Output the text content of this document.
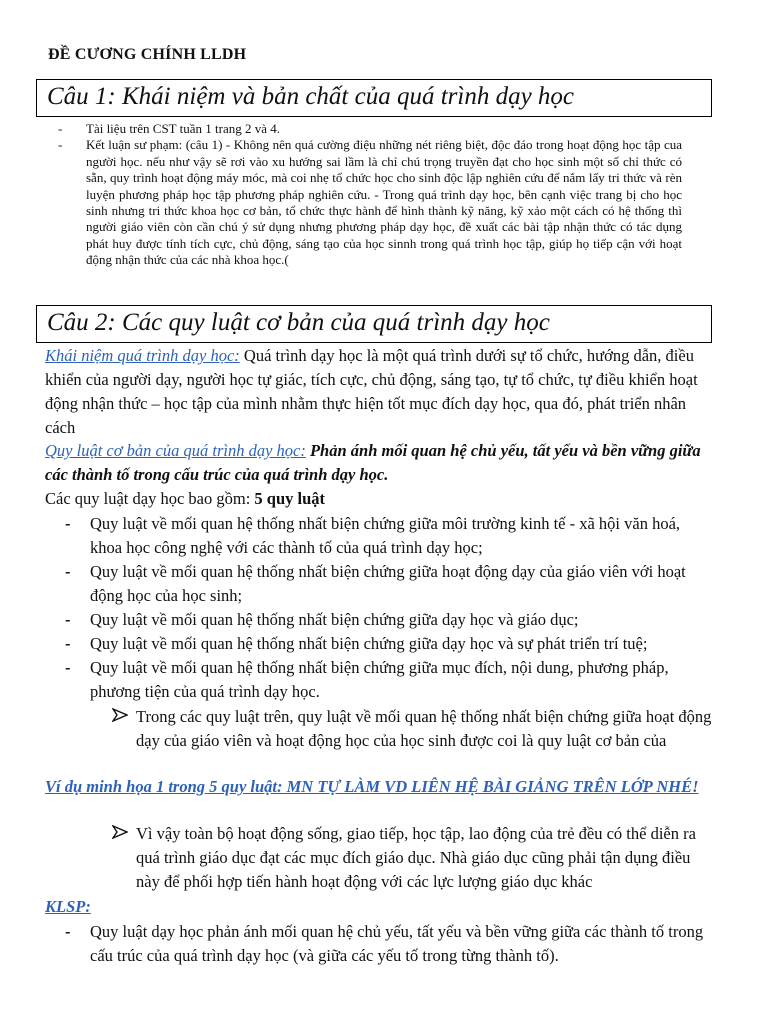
ĐỀ CƯƠNG CHÍNH LLDH
Câu 1: Khái niệm và bản chất của quá trình dạy học
- Tài liệu trên CST tuần 1 trang 2 và 4.
- Kết luận sư phạm: (câu 1) - Không nên quá cường điệu những nét riêng biệt, độc đáo trong hoạt động học tập cua người học. nếu như vậy sẽ rơi vào xu hướng sai lầm là chỉ chú trọng truyền đạt cho học sinh một số chỉ thức có sẵn, quy trình hoạt động máy móc, mà coi nhẹ tổ chức học cho sinh độc lập nghiên cứu để nắm lấy tri thức và rèn luyện phương pháp học tập phương pháp nghiên cứu. - Trong quá trình dạy học, bên cạnh việc trang bị cho học sinh nhưng tri thức khoa học cơ bản, tổ chức thực hành để hình thành kỹ năng, kỹ xảo một cách có hệ thống thì người giáo viên còn cần chú ý sử dụng nhưng phương pháp dạy học, đề xuất các bài tập nhận thức có tác dụng phát huy được tính tích cực, chủ động, sáng tạo của học sinnh trong quá trình học tập, giúp họ tiếp cận với hoạt động nhận thức của các nhà khoa học.(
Câu 2: Các quy luật cơ bản của quá trình dạy học
Khái niệm quá trình dạy học: Quá trình dạy học là một quá trình dưới sự tổ chức, hướng dẫn, điều khiển của người dạy, người học tự giác, tích cực, chủ động, sáng tạo, tự tổ chức, tự điều khiển hoạt động nhận thức – học tập của mình nhằm thực hiện tốt mục đích dạy học, qua đó, phát triển nhân cách
Quy luật cơ bản của quá trình dạy học: Phản ánh mối quan hệ chủ yếu, tất yếu và bền vững giữa các thành tố trong cấu trúc của quá trình dạy học.
Các quy luật dạy học bao gồm: 5 quy luật
- Quy luật về mối quan hệ thống nhất biện chứng giữa môi trường kinh tế - xã hội văn hoá, khoa học công nghệ với các thành tố của quá trình dạy học;
- Quy luật về mối quan hệ thống nhất biện chứng giữa hoạt động dạy của giáo viên với hoạt động học của học sinh;
- Quy luật về mối quan hệ thống nhất biện chứng giữa dạy học và giáo dục;
- Quy luật về mối quan hệ thống nhất biện chứng giữa dạy học và sự phát triển trí tuệ;
- Quy luật về mối quan hệ thống nhất biện chứng giữa mục đích, nội dung, phương pháp, phương tiện của quá trình dạy học.
Trong các quy luật trên, quy luật về mối quan hệ thống nhất biện chứng giữa hoạt động dạy của giáo viên và hoạt động học của học sinh được coi là quy luật cơ bản của
Ví dụ minh họa 1 trong 5 quy luật: MN TỰ LÀM VD LIÊN HỆ BÀI GIẢNG TRÊN LỚP NHÉ!
Vì vậy toàn bộ hoạt động sống, giao tiếp, học tập, lao động của trẻ đều có thể diễn ra quá trình giáo dục đạt các mục đích giáo dục. Nhà giáo dục cũng phải tận dụng điều này để phối hợp tiến hành hoạt động với các lực lượng giáo dục khác
KLSP:
- Quy luật dạy học phản ánh mối quan hệ chủ yếu, tất yếu và bền vững giữa các thành tố trong cấu trúc của quá trình dạy học (và giữa các yếu tố trong từng thành tố).
